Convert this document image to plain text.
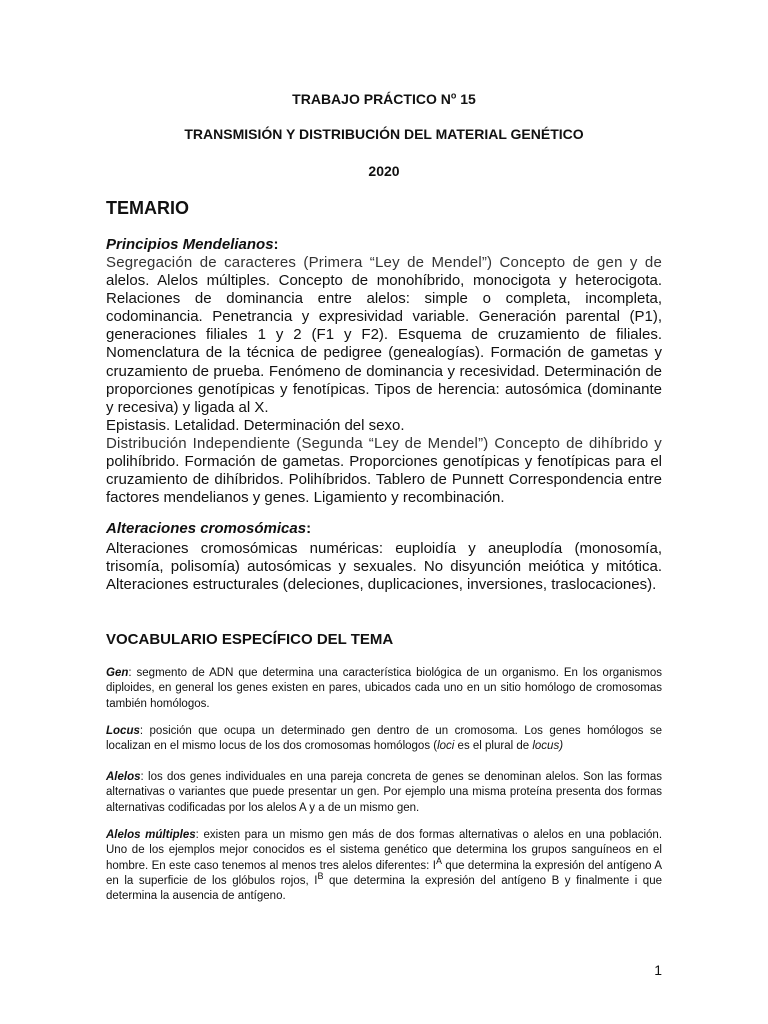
TRABAJO PRÁCTICO $N^o$ 15
TRANSMISIÓN Y DISTRIBUCIÓN DEL MATERIAL GENÉTICO
2020
TEMARIO
Principios Mendelianos:

Segregación de caracteres (Primera “Ley de Mendel”) Concepto de gen y de alelos. Alelos múltiples. Concepto de monohíbrido, monocigota y heterocigota. Relaciones de dominancia entre alelos: simple o completa, incompleta, codominancia. Penetrancia y expresividad variable. Generación parental (P1), generaciones filiales 1 y 2 (F1 y F2). Esquema de cruzamiento de filiales. Nomenclatura de la técnica de pedigree (genealogías). Formación de gametas y cruzamiento de prueba. Fenómeno de dominancia y recesividad. Determinación de proporciones genotípicas y fenotípicas. Tipos de herencia: autosómica (dominante y recesiva) y ligada al X.

Epistasis. Letalidad. Determinación del sexo.

Distribución Independiente (Segunda “Ley de Mendel”) Concepto de dihíbrido y polihíbrido. Formación de gametas. Proporciones genotípicas y fenotípicas para el cruzamiento de dihíbridos. Polihíbridos. Tablero de Punnett Correspondencia entre factores mendelianos y genes. Ligamiento y recombinación.

Alteraciones cromosómicas:

Alteraciones cromosómicas numéricas: euploidía y aneuplodía (monosomía, trisomía, polisomía) autosómicas y sexuales. No disyunción meiótica y mitótica. Alteraciones estructurales (deleciones, duplicaciones, inversiones, traslocaciones).

VOCABULARIO ESPECÍFICO DEL TEMA

Gen: segmento de ADN que determina una característica biológica de un organismo. En los organismos diploides, en general los genes existen en pares, ubicados cada uno en un sitio homólogo de cromosomas también homólogos.

Locus: posición que ocupa un determinado gen dentro de un cromosoma. Los genes homólogos se localizan en el mismo locus de los dos cromosomas homólogos (loci es el plural de locus)

Alelos: los dos genes individuales en una pareja concreta de genes se denominan alelos. Son las formas alternativas o variantes que puede presentar un gen. Por ejemplo una misma proteína presenta dos formas alternativas codificadas por los alelos A y a de un mismo gen.

Alelos múltiples: existen para un mismo gen más de dos formas alternativas o alelos en una población. Uno de los ejemplos mejor conocidos es el sistema genético que determina los grupos sanguíneos en el hombre. En este caso tenemos al menos tres alelos diferentes: $I^A$ que determina la expresión del antígeno A en la superficie de los glóbulos rojos, $I^B$ que determina la expresión del antígeno B y finalmente i que determina la ausencia de antígeno.

1
